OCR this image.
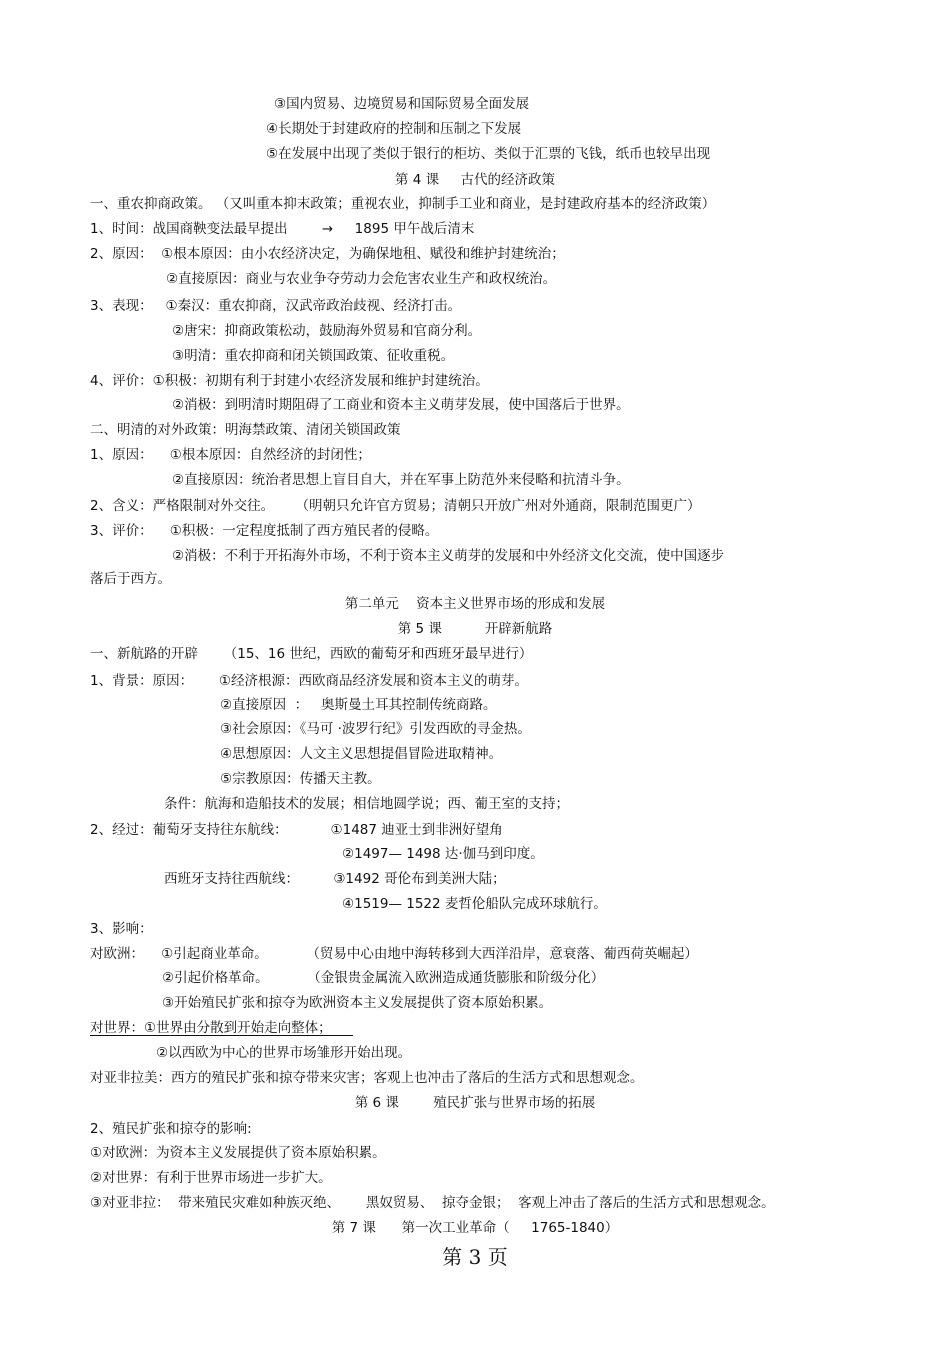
③国内贸易、边境贸易和国际贸易全面发展
④长期处于封建政府的控制和压制之下发展
⑤在发展中出现了类似于银行的柜坊、类似于汇票的飞钱，纸币也较早出现
第 4 课     古代的经济政策
一、重农抑商政策。 （又叫重本抑末政策；重视农业，抑制手工业和商业，是封建政府基本的经济政策）
1、时间：战国商鞅变法最早提出        →     1895 甲午战后清末
2、原因：  ①根本原因：由小农经济决定，为确保地租、赋役和维护封建统治；
②直接原因：商业与农业争夺劳动力会危害农业生产和政权统治。
3、表现：   ①秦汉：重农抑商，汉武帝政治歧视、经济打击。
②唐宋：抑商政策松动，鼓励海外贸易和官商分利。
③明清：重农抑商和闭关锁国政策、征收重税。
4、评价：①积极：初期有利于封建小农经济发展和维护封建统治。
②消极：到明清时期阻碍了工商业和资本主义萌芽发展，使中国落后于世界。
二、明清的对外政策：明海禁政策、清闭关锁国政策
1、原因：    ①根本原因：自然经济的封闭性；
②直接原因：统治者思想上盲目自大，并在军事上防范外来侵略和抗清斗争。
2、含义：严格限制对外交往。     （明朝只允许官方贸易；清朝只开放广州对外通商，限制范围更广）
3、评价：    ①积极：一定程度抵制了西方殖民者的侵略。
②消极：不利于开拓海外市场，不利于资本主义萌芽的发展和中外经济文化交流，使中国逐步
落后于西方。
第二单元    资本主义世界市场的形成和发展
第 5 课          开辟新航路
一、新航路的开辟      （15、16 世纪，西欧的葡萄牙和西班牙最早进行）
1、背景：原因：      ①经济根源：西欧商品经济发展和资本主义的萌芽。
②直接原因  ：   奥斯曼土耳其控制传统商路。
③社会原因：《马可 ·波罗行纪》引发西欧的寻金热。
④思想原因：人文主义思想提倡冒险进取精神。
⑤宗教原因：传播天主教。
条件：航海和造船技术的发展；相信地圆学说；西、葡王室的支持；
2、经过：葡萄牙支持往东航线：          ①1487 迪亚士到非洲好望角
②1497— 1498 达·伽马到印度。
西班牙支持往西航线：        ③1492 哥伦布到美洲大陆；
④1519— 1522 麦哲伦船队完成环球航行。
3、影响：
对欧洲：    ①引起商业革命。         （贸易中心由地中海转移到大西洋沿岸，意衰落、葡西荷英崛起）
②引起价格革命。         （金银贵金属流入欧洲造成通货膨胀和阶级分化）
③开始殖民扩张和掠夺为欧洲资本主义发展提供了资本原始积累。
对世界：①世界由分散到开始走向整体；
②以西欧为中心的世界市场雏形开始出现。
对亚非拉美：西方的殖民扩张和掠夺带来灾害；客观上也冲击了落后的生活方式和思想观念。
第 6 课        殖民扩张与世界市场的拓展
2、殖民扩张和掠夺的影响:
①对欧洲：为资本主义发展提供了资本原始积累。
②对世界：有利于世界市场进一步扩大。
③对亚非拉：  带来殖民灾难如种族灭绝、      黑奴贸易、  掠夺金银；  客观上冲击了落后的生活方式和思想观念。
第 7 课      第一次工业革命（     1765-1840）
第 3 页
